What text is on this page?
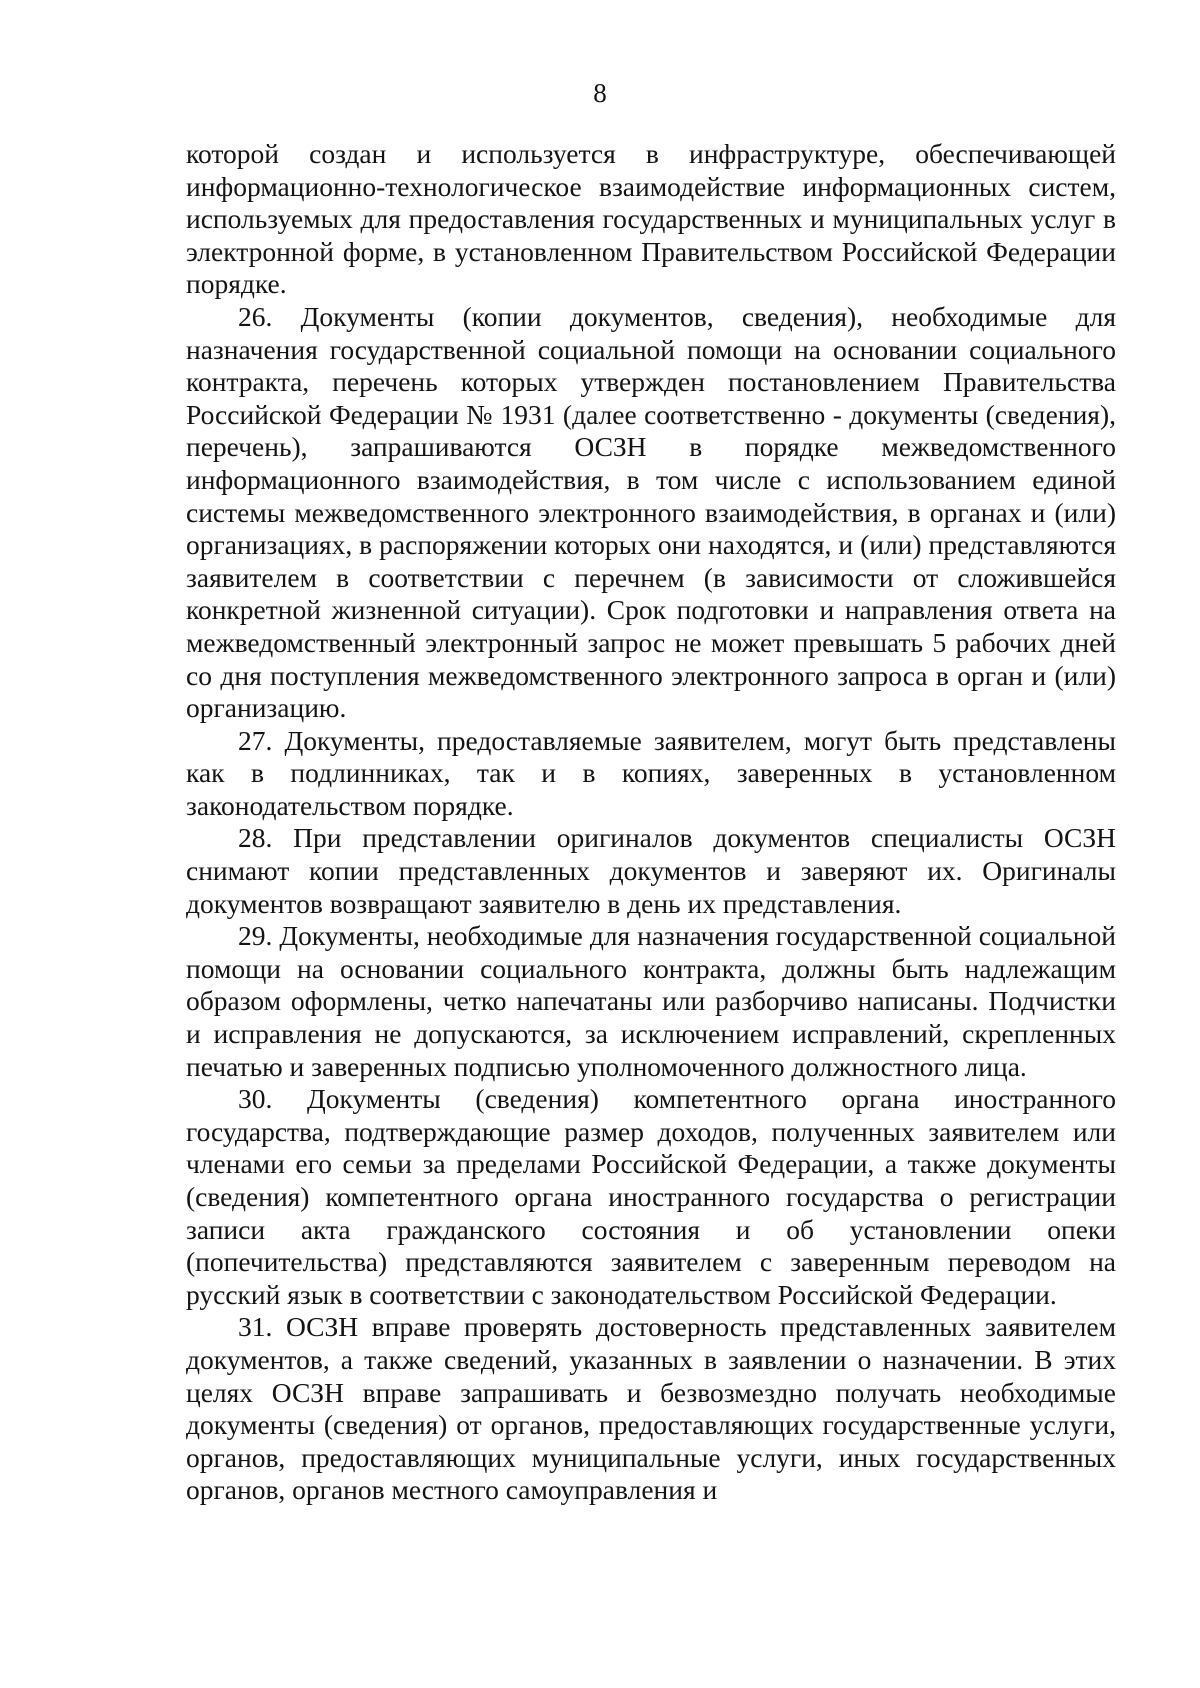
8

которой создан и используется в инфраструктуре, обеспечивающей информационно-технологическое взаимодействие информационных систем, используемых для предоставления государственных и муниципальных услуг в электронной форме, в установленном Правительством Российской Федерации порядке.

26. Документы (копии документов, сведения), необходимые для назначения государственной социальной помощи на основании социального контракта, перечень которых утвержден постановлением Правительства Российской Федерации № 1931 (далее соответственно - документы (сведения), перечень), запрашиваются ОСЗН в порядке межведомственного информационного взаимодействия, в том числе с использованием единой системы межведомственного электронного взаимодействия, в органах и (или) организациях, в распоряжении которых они находятся, и (или) представляются заявителем в соответствии с перечнем (в зависимости от сложившейся конкретной жизненной ситуации). Срок подготовки и направления ответа на межведомственный электронный запрос не может превышать 5 рабочих дней со дня поступления межведомственного электронного запроса в орган и (или) организацию.

27. Документы, предоставляемые заявителем, могут быть представлены как в подлинниках, так и в копиях, заверенных в установленном законодательством порядке.

28. При представлении оригиналов документов специалисты ОСЗН снимают копии представленных документов и заверяют их. Оригиналы документов возвращают заявителю в день их представления.

29. Документы, необходимые для назначения государственной социальной помощи на основании социального контракта, должны быть надлежащим образом оформлены, четко напечатаны или разборчиво написаны. Подчистки и исправления не допускаются, за исключением исправлений, скрепленных печатью и заверенных подписью уполномоченного должностного лица.

30. Документы (сведения) компетентного органа иностранного государства, подтверждающие размер доходов, полученных заявителем или членами его семьи за пределами Российской Федерации, а также документы (сведения) компетентного органа иностранного государства о регистрации записи акта гражданского состояния и об установлении опеки (попечительства) представляются заявителем с заверенным переводом на русский язык в соответствии с законодательством Российской Федерации.

31. ОСЗН вправе проверять достоверность представленных заявителем документов, а также сведений, указанных в заявлении о назначении. В этих целях ОСЗН вправе запрашивать и безвозмездно получать необходимые документы (сведения) от органов, предоставляющих государственные услуги, органов, предоставляющих муниципальные услуги, иных государственных органов, органов местного самоуправления и
